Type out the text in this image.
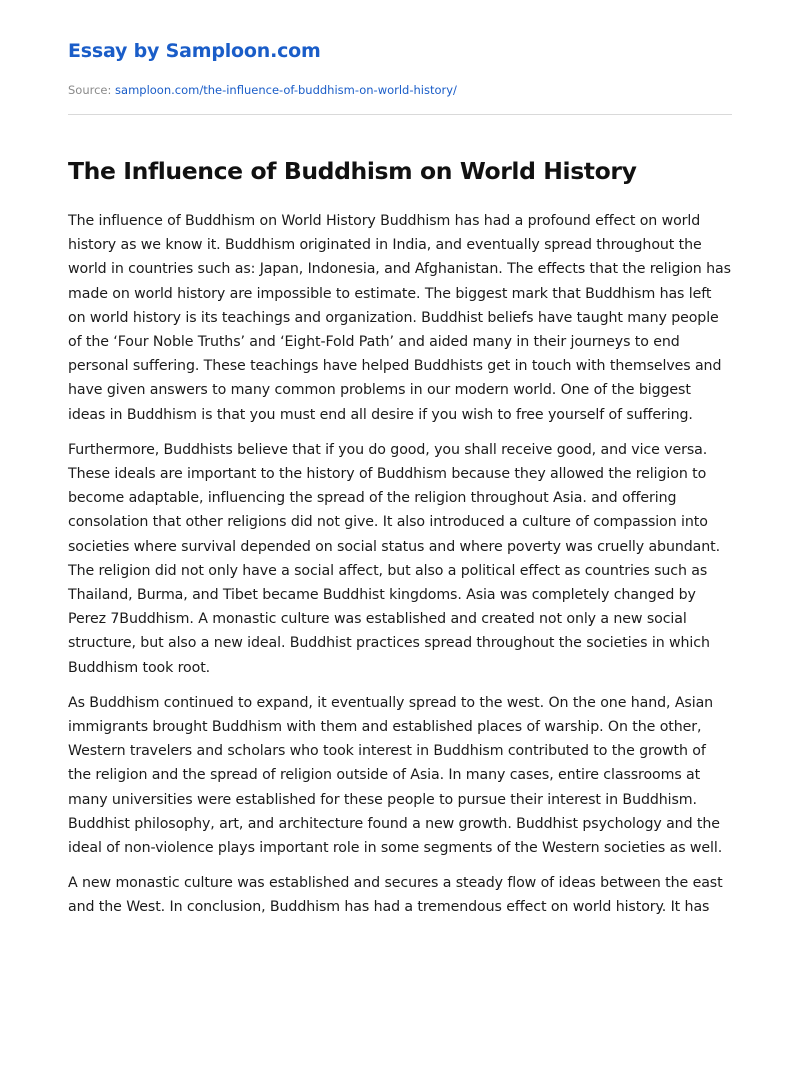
Essay by Samploon.com
Source: samploon.com/the-influence-of-buddhism-on-world-history/
The Influence of Buddhism on World History

The influence of Buddhism on World History Buddhism has had a profound effect on world history as we know it. Buddhism originated in India, and eventually spread throughout the world in countries such as: Japan, Indonesia, and Afghanistan. The effects that the religion has made on world history are impossible to estimate. The biggest mark that Buddhism has left on world history is its teachings and organization. Buddhist beliefs have taught many people of the ‘Four Noble Truths’ and ‘Eight-Fold Path’ and aided many in their journeys to end personal suffering. These teachings have helped Buddhists get in touch with themselves and have given answers to many common problems in our modern world. One of the biggest ideas in Buddhism is that you must end all desire if you wish to free yourself of suffering.

Furthermore, Buddhists believe that if you do good, you shall receive good, and vice versa. These ideals are important to the history of Buddhism because they allowed the religion to become adaptable, influencing the spread of the religion throughout Asia. and offering consolation that other religions did not give. It also introduced a culture of compassion into societies where survival depended on social status and where poverty was cruelly abundant. The religion did not only have a social affect, but also a political effect as countries such as Thailand, Burma, and Tibet became Buddhist kingdoms. Asia was completely changed by Perez 7Buddhism. A monastic culture was established and created not only a new social structure, but also a new ideal. Buddhist practices spread throughout the societies in which Buddhism took root.

As Buddhism continued to expand, it eventually spread to the west. On the one hand, Asian immigrants brought Buddhism with them and established places of warship. On the other, Western travelers and scholars who took interest in Buddhism contributed to the growth of the religion and the spread of religion outside of Asia. In many cases, entire classrooms at many universities were established for these people to pursue their interest in Buddhism. Buddhist philosophy, art, and architecture found a new growth. Buddhist psychology and the ideal of non-violence plays important role in some segments of the Western societies as well.

A new monastic culture was established and secures a steady flow of ideas between the east and the West. In conclusion, Buddhism has had a tremendous effect on world history. It has
